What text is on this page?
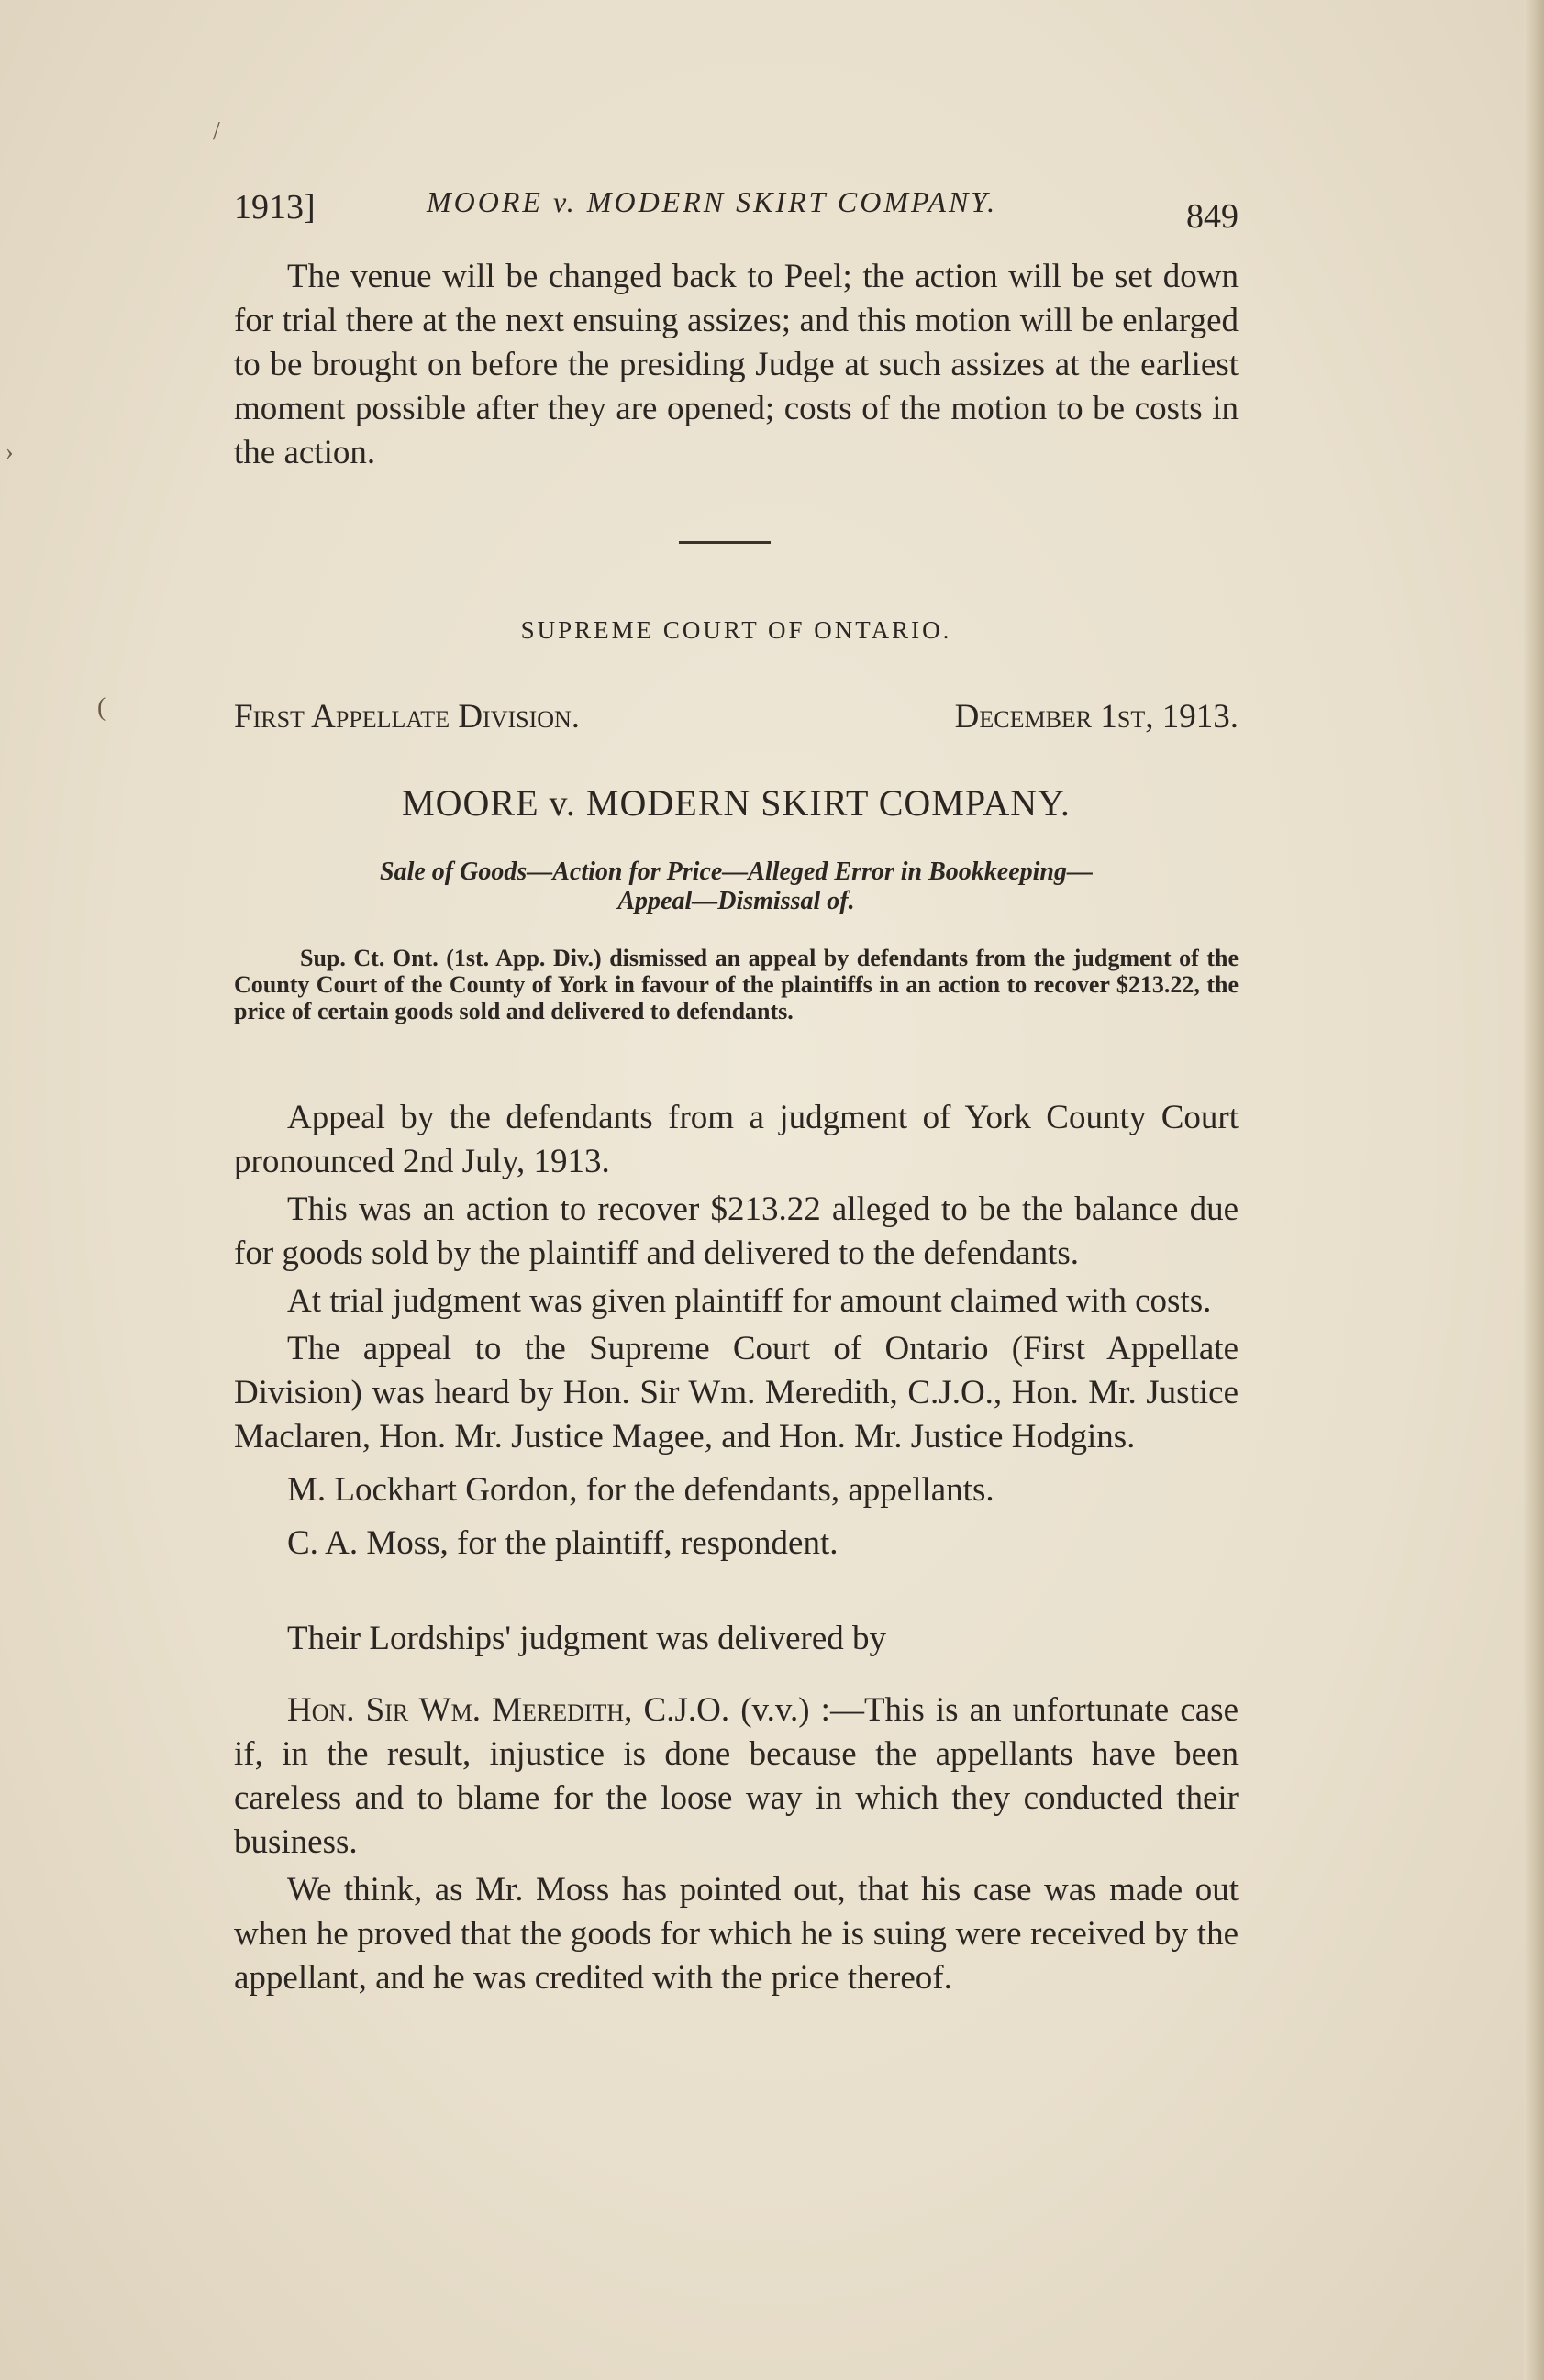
1913]	MOORE v. MODERN SKIRT COMPANY.	849

The venue will be changed back to Peel; the action will be set down for trial there at the next ensuing assizes; and this motion will be enlarged to be brought on before the presiding Judge at such assizes at the earliest moment possible after they are opened; costs of the motion to be costs in the action.

SUPREME COURT OF ONTARIO.
First Appellate Division.	December 1st, 1913.
MOORE v. MODERN SKIRT COMPANY.
Sale of Goods—Action for Price—Alleged Error in Bookkeeping—
Appeal—Dismissal of.
Sup. Ct. Ont. (1st. App. Div.) dismissed an appeal by defendants from the judgment of the County Court of the County of York in favour of the plaintiffs in an action to recover $213.22, the price of certain goods sold and delivered to defendants.

Appeal by the defendants from a judgment of York County Court pronounced 2nd July, 1913.

This was an action to recover $213.22 alleged to be the balance due for goods sold by the plaintiff and delivered to the defendants.

At trial judgment was given plaintiff for amount claimed with costs.

The appeal to the Supreme Court of Ontario (First Appellate Division) was heard by Hon. Sir Wm. Meredith, C.J.O., Hon. Mr. Justice Maclaren, Hon. Mr. Justice Magee, and Hon. Mr. Justice Hodgins.

M. Lockhart Gordon, for the defendants, appellants.

C. A. Moss, for the plaintiff, respondent.

Their Lordships' judgment was delivered by

Hon. Sir Wm. Meredith, C.J.O. (v.v.) :—This is an unfortunate case if, in the result, injustice is done because the appellants have been careless and to blame for the loose way in which they conducted their business.

We think, as Mr. Moss has pointed out, that his case was made out when he proved that the goods for which he is suing were received by the appellant, and he was credited with the price thereof.

/
›
(
